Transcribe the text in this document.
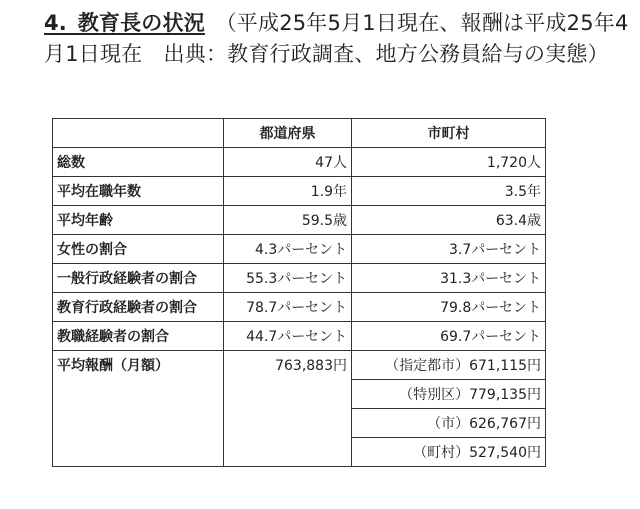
4._教育長の状況　（平成25年5月1日現在、報酬は平成25年4月1日現在　出典：教育行政調査、地方公務員給与の実態）
	都道府県	市町村
総数	47人	1,720人
平均在職年数	1.9年	3.5年
平均年齢	59.5歳	63.4歳
女性の割合	4.3パーセント	3.7パーセント
一般行政経験者の割合	55.3パーセント	31.3パーセント
教育行政経験者の割合	78.7パーセント	79.8パーセント
教職経験者の割合	44.7パーセント	69.7パーセント
平均報酬（月額）	763,883円	（指定都市）671,115円
		（特別区）779,135円
		（市）626,767円
		（町村）527,540円
